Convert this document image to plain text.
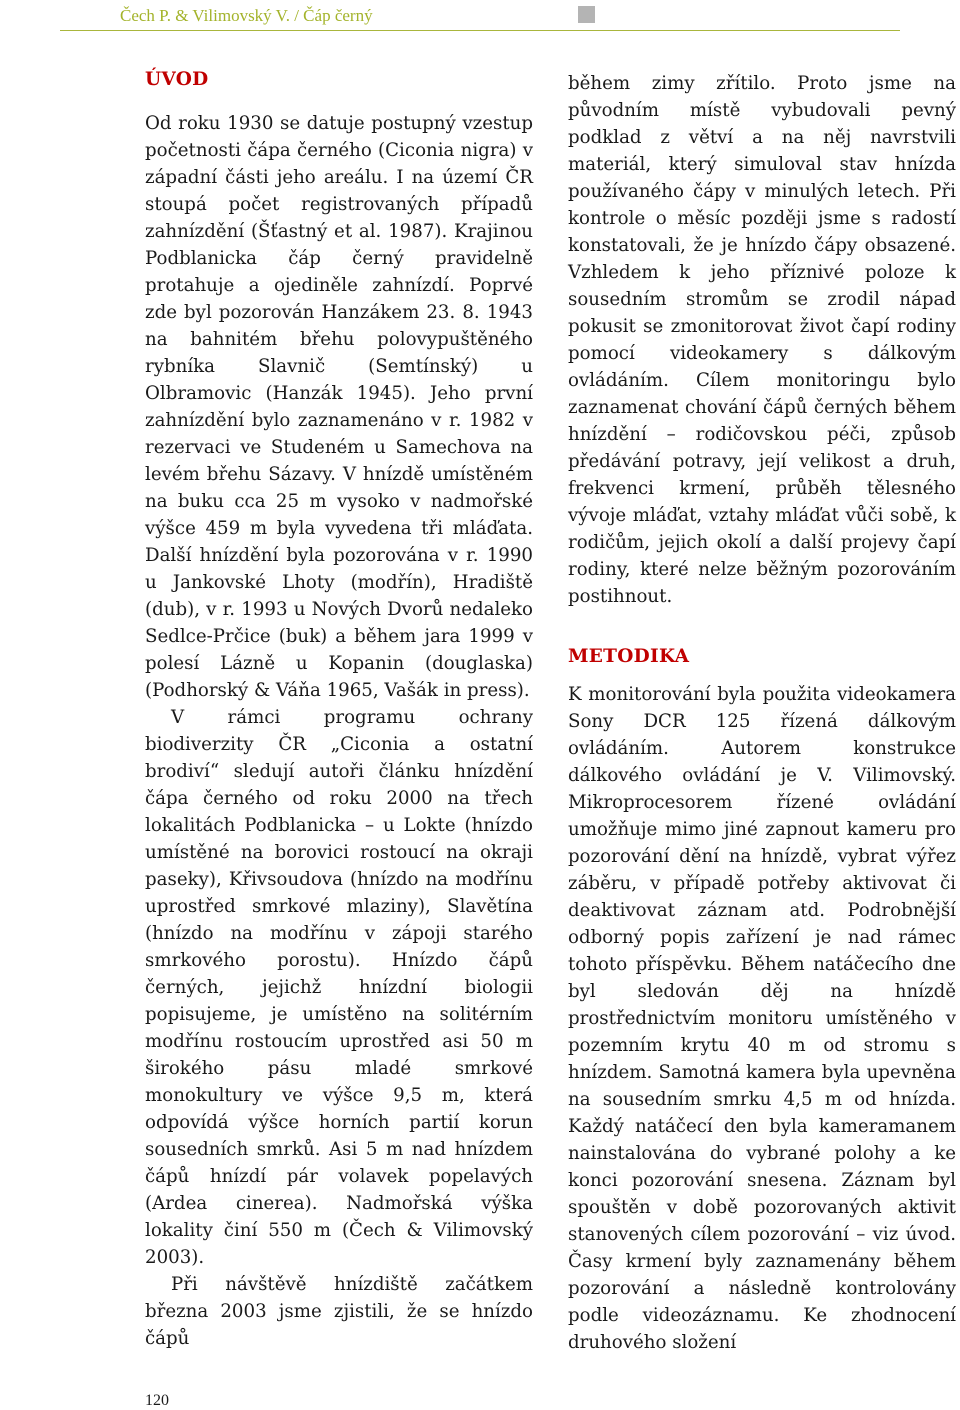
Čech P. & Vilimovský V. / Čáp černý
ÚVOD

Od roku 1930 se datuje postupný vzestup početnosti čápa černého (Ciconia nigra) v západní části jeho areálu. I na území ČR stoupá počet registrovaných případů zahnízdění (Šťastný et al. 1987). Krajinou Podblanicka čáp černý pravidelně protahuje a ojediněle zahnízdí. Poprvé zde byl pozorován Hanzákem 23. 8. 1943 na bahnitém břehu polovypuštěného rybníka Slavnič (Semtínský) u Olbramovic (Hanzák 1945). Jeho první zahnízdění bylo zaznamenáno v r. 1982 v rezervaci ve Studeném u Samechova na levém břehu Sázavy. V hnízdě umístěném na buku cca 25 m vysoko v nadmořské výšce 459 m byla vyvedena tři mláďata. Další hnízdění byla pozorována v r. 1990 u Jankovské Lhoty (modřín), Hradiště (dub), v r. 1993 u Nových Dvorů nedaleko Sedlce-Prčice (buk) a během jara 1999 v polesí Lázně u Kopanin (douglaska) (Podhorský & Váňa 1965, Vašák in press).

V rámci programu ochrany biodiverzity ČR „Ciconia a ostatní brodiví“ sledují autoři článku hnízdění čápa černého od roku 2000 na třech lokalitách Podblanicka – u Lokte (hnízdo umístěné na borovici rostoucí na okraji paseky), Křivsoudova (hnízdo na modřínu uprostřed smrkové mlaziny), Slavětína (hnízdo na modřínu v zápoji starého smrkového porostu). Hnízdo čápů černých, jejichž hnízdní biologii popisujeme, je umístěno na solitérním modřínu rostoucím uprostřed asi 50 m širokého pásu mladé smrkové monokultury ve výšce 9,5 m, která odpovídá výšce horních partií korun sousedních smrků. Asi 5 m nad hnízdem čápů hnízdí pár volavek popelavých (Ardea cinerea). Nadmořská výška lokality činí 550 m (Čech & Vilimovský 2003).

Při návštěvě hnízdiště začátkem března 2003 jsme zjistili, že se hnízdo čápů

během zimy zřítilo. Proto jsme na původním místě vybudovali pevný podklad z větví a na něj navrstvili materiál, který simuloval stav hnízda používaného čápy v minulých letech. Při kontrole o měsíc později jsme s radostí konstatovali, že je hnízdo čápy obsazené. Vzhledem k jeho příznivé poloze k sousedním stromům se zrodil nápad pokusit se zmonitorovat život čapí rodiny pomocí videokamery s dálkovým ovládáním. Cílem monitoringu bylo zaznamenat chování čápů černých během hnízdění – rodičovskou péči, způsob předávání potravy, její velikost a druh, frekvenci krmení, průběh tělesného vývoje mláďat, vztahy mláďat vůči sobě, k rodičům, jejich okolí a další projevy čapí rodiny, které nelze běžným pozorováním postihnout.

METODIKA

K monitorování byla použita videokamera Sony DCR 125 řízená dálkovým ovládáním. Autorem konstrukce dálkového ovládání je V. Vilimovský. Mikroprocesorem řízené ovládání umožňuje mimo jiné zapnout kameru pro pozorování dění na hnízdě, vybrat výřez záběru, v případě potřeby aktivovat či deaktivovat záznam atd. Podrobnější odborný popis zařízení je nad rámec tohoto příspěvku. Během natáčecího dne byl sledován děj na hnízdě prostřednictvím monitoru umístěného v pozemním krytu 40 m od stromu s hnízdem. Samotná kamera byla upevněna na sousedním smrku 4,5 m od hnízda. Každý natáčecí den byla kameramanem nainstalována do vybrané polohy a ke konci pozorování snesena. Záznam byl spouštěn v době pozorovaných aktivit stanovených cílem pozorování – viz úvod. Časy krmení byly zaznamenány během pozorování a následně kontrolovány podle videozáznamu. Ke zhodnocení druhového složení

120
